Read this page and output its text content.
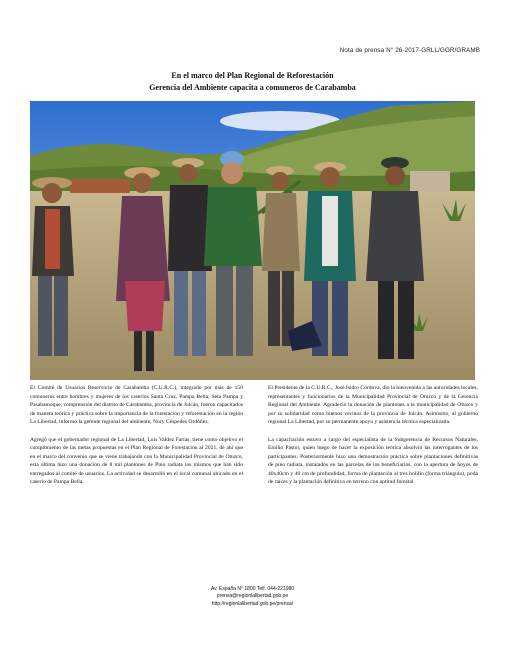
Nota de prensa N° 26-2017-GRLL/GGR/GRAMB
En el marco del Plan Regional de Reforestación
Gerencia del Ambiente capacita a comuneros de Carabamba

El Comité de Usuarios Reservorio de Carabamba (C.U.R.C.), integrado por más de 150 comuneros entre hombres y mujeres de los caseríos Santa Cruz, Pampa Bella, Seta Pampa y Pasabamoque, comprensión del distrito de Carabamba, provincia de Julcán, fueron capacitados de manera teórica y práctica sobre la importancia de la forestación y reforestación en la región La Libertad, informó la gerente regional del ambiente, Nury Céspedes Ordóñez.

Agregó que el gobernador regional de La Libertad, Luis Valdez Farías, tiene como objetivo el cumplimiento de las metas propuestas en el Plan Regional de Forestación al 2021, de ahí que en el marco del convenio que se viene trabajando con la Municipalidad Provincial de Otuzco, esta última hizo una donación de 8 mil plantones de Pino radiata los mismos que han sido entregados al comité de usuarios. La actividad se desarrolló en el local comunal ubicado en el caserío de Pampa Bella.

El Presidente de la C.U.R.C., José Isidro Córdova, dio la bienvenida a las autoridades locales, representantes y funcionarios de la Municipalidad Provincial de Otuzco y de la Gerencia Regional del Ambiente. Agradeció la donación de plantones a la municipalidad de Otuzco y por su solidaridad como buenos vecinos de la provincia de Julcán. Asimismo, al gobierno regional La Libertad, por su permanente apoyo y asistencia técnica especializada.

La capacitación estuvo a cargo del especialista de la Subgerencia de Recursos Naturales, Emilio Pastor, quien luego de hacer la exposición teórica absolvió las interrogantes de los participantes. Posteriormente hizo una demostración práctica sobre plantaciones definitivas de pino radiata, instalados en las parcelas de los beneficiarios, con la apertura de hoyos de 40x40cm y 40 cm de profundidad, forma de plantación al tres bolillo (forma triángulo), poda de raíces y la plantación definitiva en terreno con aptitud forestal.

Av. España N° 1800 Telf. 044-221980
prensa@regionlalibertad.gob.pe
http://regionlalibertad.gob.pe/prensa/
